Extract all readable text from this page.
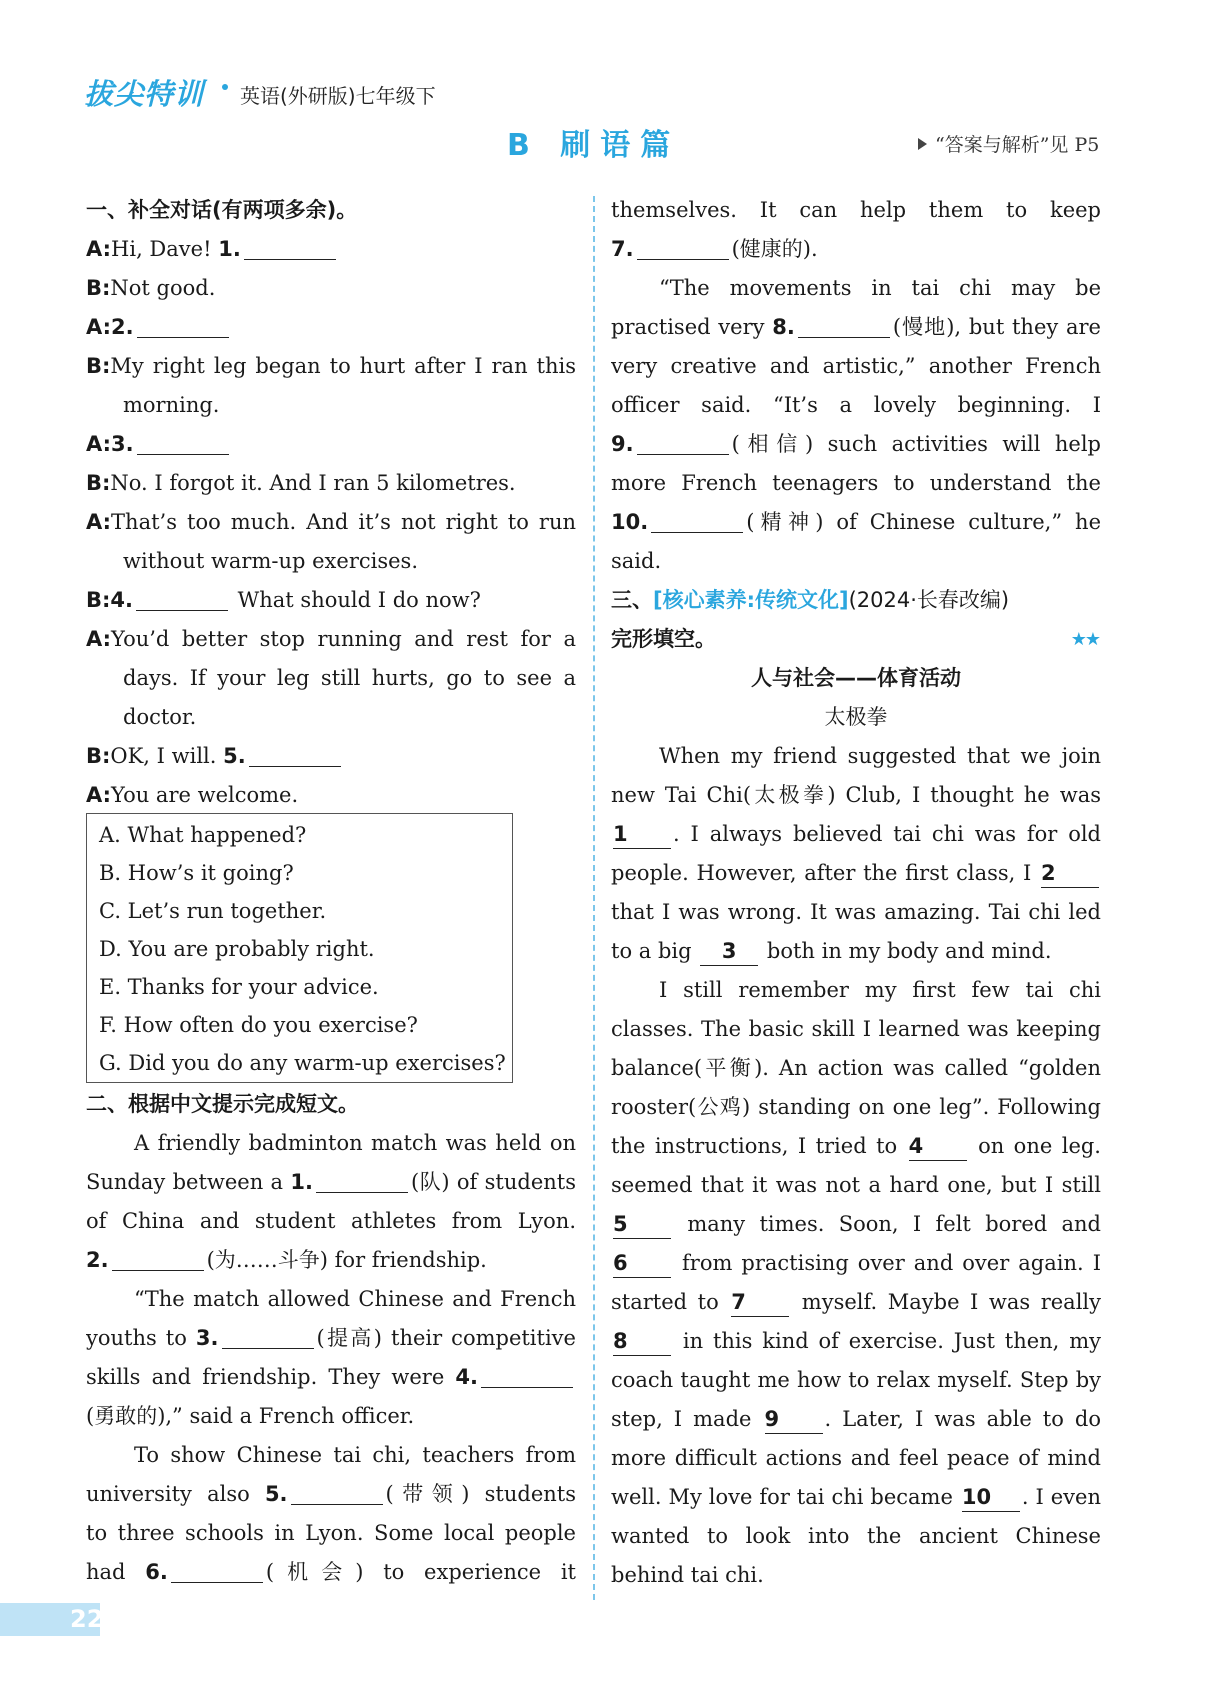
拔尖特训 英语(外研版)七年级下
B 刷语篇	“答案与解析”见 P5
一、补全对话(有两项多余)。
A:Hi, Dave! 1.
B:Not good.
A:2.
B:My right leg began to hurt after I ran this
morning.
A:3.
B:No. I forgot it. And I ran 5 kilometres.
A:That’s too much. And it’s not right to run
without warm-up exercises.
B:4.	What should I do now?
A:You’d better stop running and rest for a
days. If your leg still hurts, go to see a
doctor.
B:OK, I will. 5.
A:You are welcome.
A. What happened?
B. How’s it going?
C. Let’s run together.
D. You are probably right.
E. Thanks for your advice.
F. How often do you exercise?
G. Did you do any warm-up exercises?
二、根据中文提示完成短文。
A friendly badminton match was held on
Sunday between a 1.	(队) of students
of China and student athletes from Lyon.
2.	(为……斗争) for friendship.
“The match allowed Chinese and French
youths to 3.	(提高) their competitive
skills and friendship. They were 4.
(勇敢的),” said a French officer.
To show Chinese tai chi, teachers from
university also 5.	(带领) students
to three schools in Lyon. Some local people
had 6.	(机会) to experience it
themselves. It can help them to keep
7.	(健康的).
“The movements in tai chi may be
practised very 8.	(慢地), but they are
very creative and artistic,” another French
officer said. “It’s a lovely beginning. I
9.	(相信) such activities will help
more French teenagers to understand the
10.	(精神) of Chinese culture,” he
said.
三、[核心素养:传统文化](2024·长春改编)
完形填空。	★★
人与社会——体育活动
太极拳
When my friend suggested that we join
new Tai Chi(太极拳) Club, I thought he was
1 . I always believed tai chi was for old
people. However, after the first class, I 2
that I was wrong. It was amazing. Tai chi led
to a big 3 both in my body and mind.
I still remember my first few tai chi
classes. The basic skill I learned was keeping
balance(平衡). An action was called “golden
rooster(公鸡) standing on one leg”. Following
the instructions, I tried to 4	on one leg.
seemed that it was not a hard one, but I still
5 many times. Soon, I felt bored and
6 from practising over and over again. I
started to 7 myself. Maybe I was really
8 in this kind of exercise. Just then, my
coach taught me how to relax myself. Step by
step, I made 9 . Later, I was able to do
more difficult actions and feel peace of mind
well. My love for tai chi became 10 . I even
wanted to look into the ancient Chinese
behind tai chi.
22
